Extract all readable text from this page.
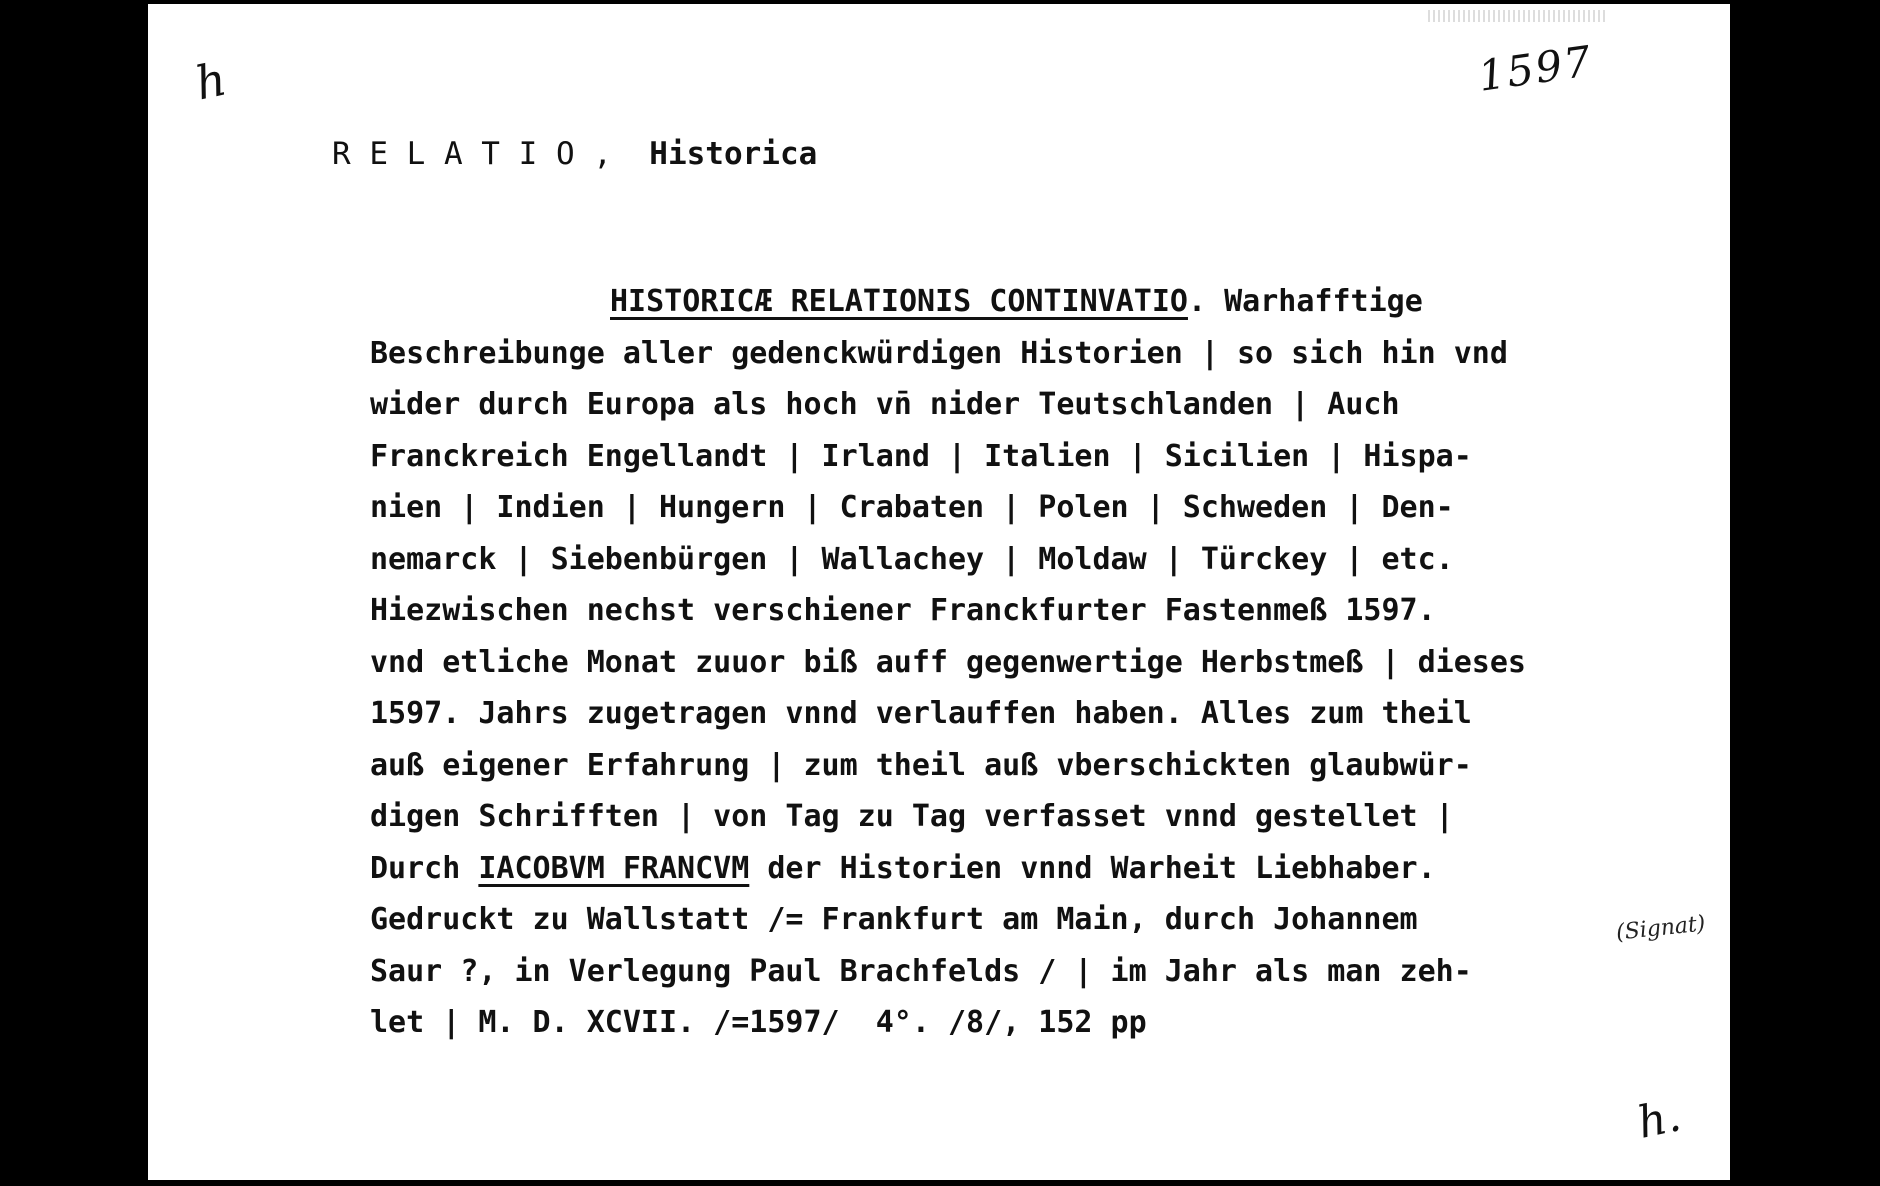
h	1597
R E L A T I O , Historica
HISTORICÆ RELATIONIS CONTINVATIO. Warhafftige
Beschreibunge aller gedenckwürdigen Historien | so sich hin vnd
wider durch Europa als hoch vn̄ nider Teutschlanden | Auch
Franckreich Engellandt | Irland | Italien | Sicilien | Hispa-
nien | Indien | Hungern | Crabaten | Polen | Schweden | Den-
nemarck | Siebenbürgen | Wallachey | Moldaw | Türckey | etc.
Hiezwischen nechst verschiener Franckfurter Fastenmeß 1597.
vnd etliche Monat zuuor biß auff gegenwertige Herbstmeß | dieses
1597. Jahrs zugetragen vnnd verlauffen haben. Alles zum theil
auß eigener Erfahrung | zum theil auß vberschickten glaubwür-
digen Schrifften | von Tag zu Tag verfasset vnnd gestellet |
Durch IACOBVM FRANCVM der Historien vnnd Warheit Liebhaber.
Gedruckt zu Wallstatt /= Frankfurt am Main, durch Johannem
Saur ?, in Verlegung Paul Brachfelds / | im Jahr als man zeh-
let | M. D. XCVII. /=1597/  4°. /8/, 152 pp
(Signat)
h.
